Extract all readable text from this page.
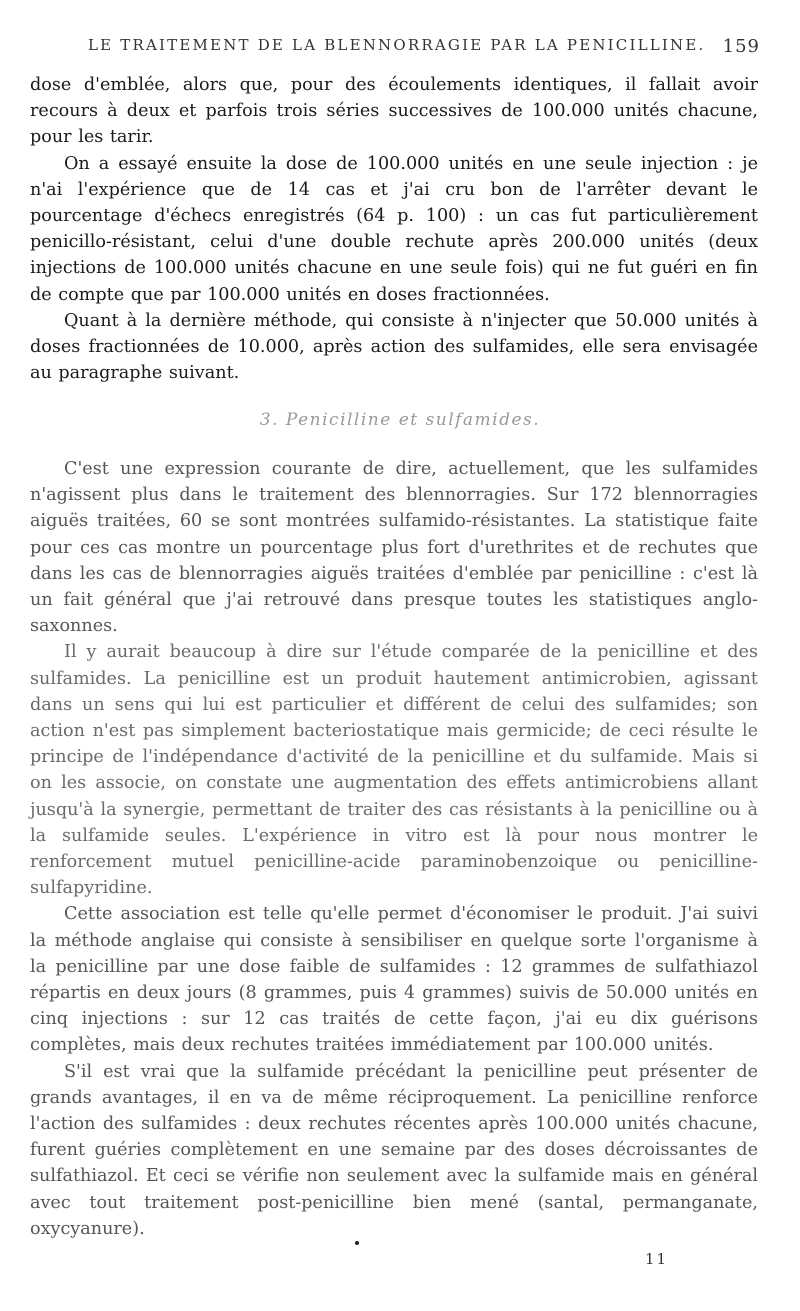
LE TRAITEMENT DE LA BLENNORRAGIE PAR LA PENICILLINE. 159

dose d'emblée, alors que, pour des écoulements identiques, il fallait avoir recours à deux et parfois trois séries successives de 100.000 unités chacune, pour les tarir.

On a essayé ensuite la dose de 100.000 unités en une seule injection : je n'ai l'expérience que de 14 cas et j'ai cru bon de l'arrêter devant le pourcentage d'échecs enregistrés (64 p. 100) : un cas fut particulièrement penicillo-résistant, celui d'une double rechute après 200.000 unités (deux injections de 100.000 unités chacune en une seule fois) qui ne fut guéri en fin de compte que par 100.000 unités en doses fractionnées.

Quant à la dernière méthode, qui consiste à n'injecter que 50.000 unités à doses fractionnées de 10.000, après action des sulfamides, elle sera envisagée au paragraphe suivant.

3. Penicilline et sulfamides.

C'est une expression courante de dire, actuellement, que les sulfamides n'agissent plus dans le traitement des blennorragies. Sur 172 blennorragies aiguës traitées, 60 se sont montrées sulfamido-résistantes. La statistique faite pour ces cas montre un pourcentage plus fort d'urethrites et de rechutes que dans les cas de blennorragies aiguës traitées d'emblée par penicilline : c'est là un fait général que j'ai retrouvé dans presque toutes les statistiques anglo-saxonnes.

Il y aurait beaucoup à dire sur l'étude comparée de la penicilline et des sulfamides. La penicilline est un produit hautement antimicrobien, agissant dans un sens qui lui est particulier et différent de celui des sulfamides; son action n'est pas simplement bacteriostatique mais germicide; de ceci résulte le principe de l'indépendance d'activité de la penicilline et du sulfamide. Mais si on les associe, on constate une augmentation des effets antimicrobiens allant jusqu'à la synergie, permettant de traiter des cas résistants à la penicilline ou à la sulfamide seules. L'expérience in vitro est là pour nous montrer le renforcement mutuel penicilline-acide paraminobenzoique ou penicilline-sulfapyridine.

Cette association est telle qu'elle permet d'économiser le produit. J'ai suivi la méthode anglaise qui consiste à sensibiliser en quelque sorte l'organisme à la penicilline par une dose faible de sulfamides : 12 grammes de sulfathiazol répartis en deux jours (8 grammes, puis 4 grammes) suivis de 50.000 unités en cinq injections : sur 12 cas traités de cette façon, j'ai eu dix guérisons complètes, mais deux rechutes traitées immédiatement par 100.000 unités.

S'il est vrai que la sulfamide précédant la penicilline peut présenter de grands avantages, il en va de même réciproquement. La penicilline renforce l'action des sulfamides : deux rechutes récentes après 100.000 unités chacune, furent guéries complètement en une semaine par des doses décroissantes de sulfathiazol. Et ceci se vérifie non seulement avec la sulfamide mais en général avec tout traitement post-penicilline bien mené (santal, permanganate, oxycyanure).

11
